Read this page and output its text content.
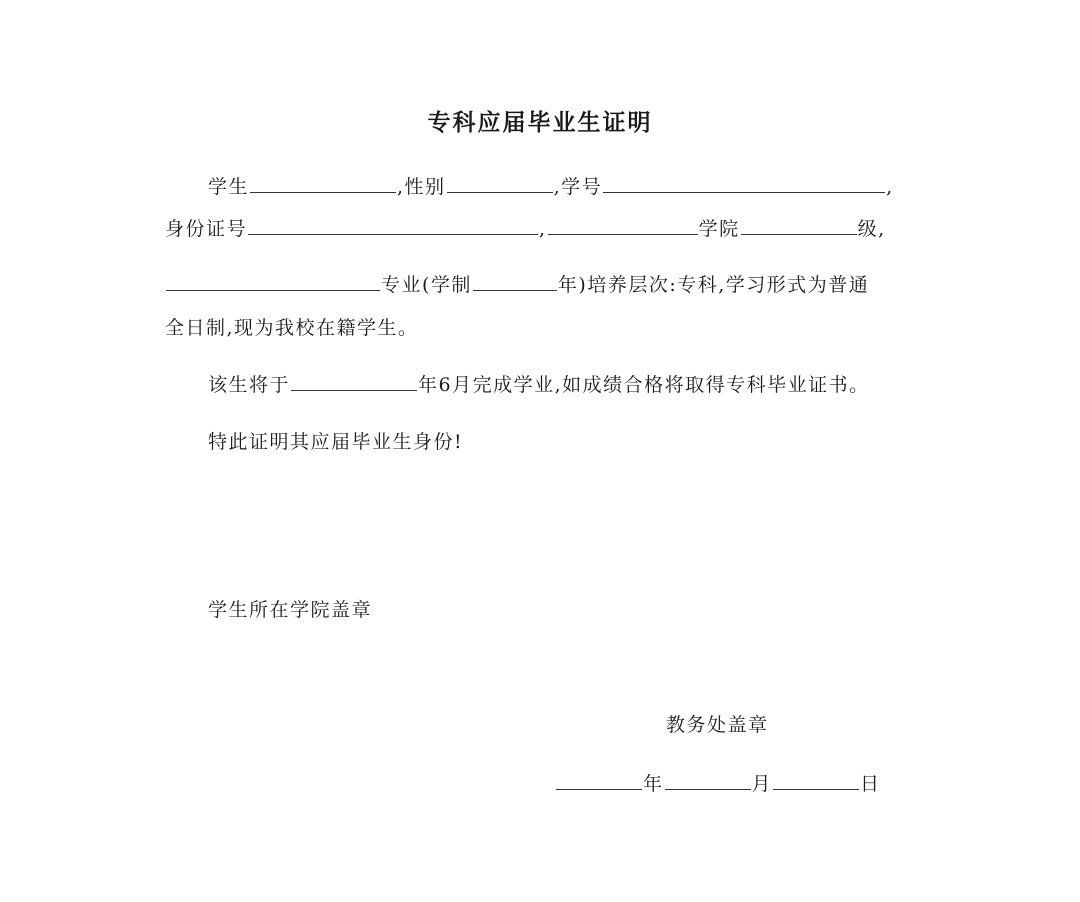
专科应届毕业生证明
学生	,性别	,学号	,
身份证号	,	学院	级,
专业(学制	年)培养层次:专科,学习形式为普通
全日制,现为我校在籍学生。
该生将于	年6月完成学业,如成绩合格将取得专科毕业证书。
特此证明其应届毕业生身份!
学生所在学院盖章
教务处盖章
年	月	日
